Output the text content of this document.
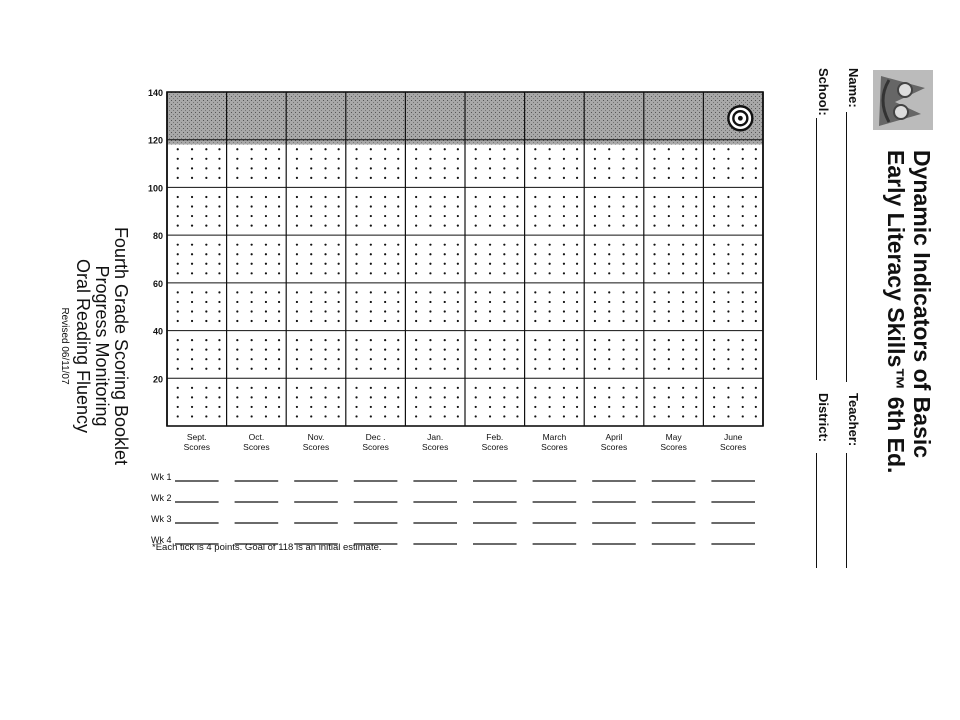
Dynamic Indicators of Basic
Early Literacy Skills™ 6th Ed.
Name:
Teacher:
School:
District:
Fourth Grade Scoring Booklet
Progress Monitoring
Oral Reading Fluency
Revised 06/11/07
140
120
100
80
60
40
20
Sept.
Scores
Oct.
Scores
Nov.
Scores
Dec .
Scores
Jan.
Scores
Feb.
Scores
March
Scores
April
Scores
May
Scores
June
Scores
Wk 1
Wk 2
Wk 3
Wk 4
*Each tick is 4 points. Goal of 118 is an initial estimate.
